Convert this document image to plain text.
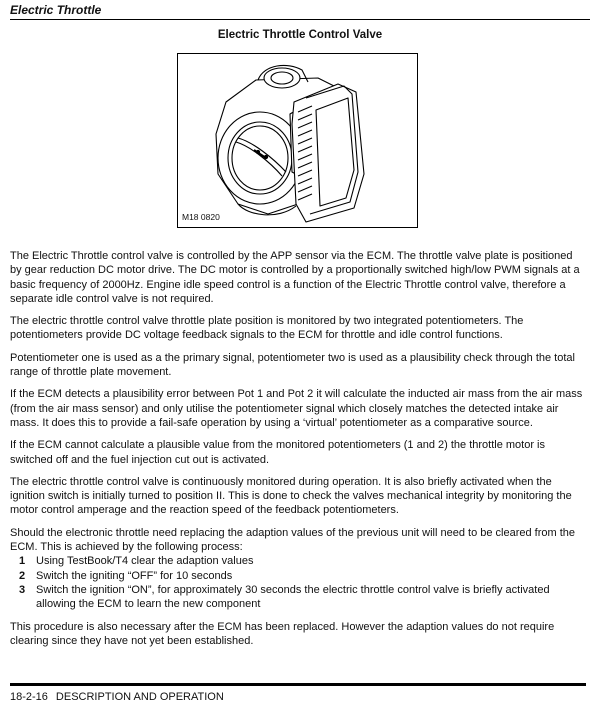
Electric Throttle
Electric Throttle Control Valve
M18 0820

The Electric Throttle control valve is controlled by the APP sensor via the ECM. The throttle valve plate is positioned by gear reduction DC motor drive. The DC motor is controlled by a proportionally switched high/low PWM signals at a basic frequency of 2000Hz. Engine idle speed control is a function of the Electric Throttle control valve, therefore a separate idle control valve is not required.

The electric throttle control valve throttle plate position is monitored by two integrated potentiometers. The potentiometers provide DC voltage feedback signals to the ECM for throttle and idle control functions.

Potentiometer one is used as a the primary signal, potentiometer two is used as a plausibility check through the total range of throttle plate movement.

If the ECM detects a plausibility error between Pot 1 and Pot 2 it will calculate the inducted air mass from the air mass (from the air mass sensor) and only utilise the potentiometer signal which closely matches the detected intake air mass. It does this to provide a fail-safe operation by using a ‘virtual’ potentiometer as a comparative source.

If the ECM cannot calculate a plausible value from the monitored potentiometers (1 and 2) the throttle motor is switched off and the fuel injection cut out is activated.

The electric throttle control valve is continuously monitored during operation. It is also briefly activated when the ignition switch is initially turned to position II. This is done to check the valves mechanical integrity by monitoring the motor control amperage and the reaction speed of the feedback potentiometers.

Should the electronic throttle need replacing the adaption values of the previous unit will need to be cleared from the ECM. This is achieved by the following process:

1 Using TestBook/T4 clear the adaption values
2 Switch the igniting “OFF” for 10 seconds
3 Switch the ignition “ON”, for approximately 30 seconds the electric throttle control valve is briefly activated allowing the ECM to learn the new component

This procedure is also necessary after the ECM has been replaced. However the adaption values do not require clearing since they have not yet been established.

18-2-16 DESCRIPTION AND OPERATION
